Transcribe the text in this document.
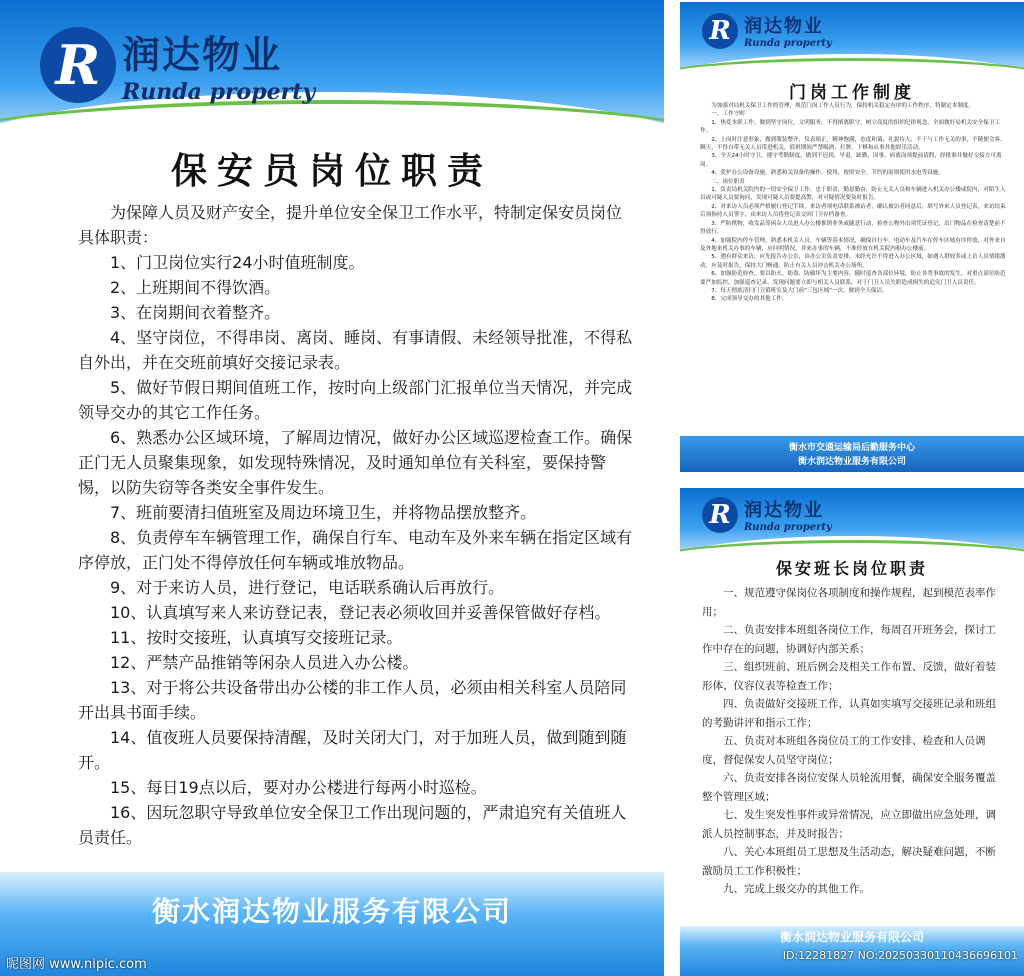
R 润达物业
Runda property
保安员岗位职责

为保障人员及财产安全，提升单位安全保卫工作水平，特制定保安员岗位具体职责：

1、门卫岗位实行24小时值班制度。

2、上班期间不得饮酒。

3、在岗期间衣着整齐。

4、坚守岗位，不得串岗、离岗、睡岗、有事请假、未经领导批准，不得私自外出，并在交班前填好交接记录表。

5、做好节假日期间值班工作，按时向上级部门汇报单位当天情况，并完成领导交办的其它工作任务。

6、熟悉办公区域环境，了解周边情况，做好办公区域巡逻检查工作。确保正门无人员聚集现象，如发现特殊情况，及时通知单位有关科室，要保持警惕，以防失窃等各类安全事件发生。

7、班前要清扫值班室及周边环境卫生，并将物品摆放整齐。

8、负责停车车辆管理工作，确保自行车、电动车及外来车辆在指定区域有序停放，正门处不得停放任何车辆或堆放物品。

9、对于来访人员，进行登记，电话联系确认后再放行。

10、认真填写来人来访登记表，登记表必须收回并妥善保管做好存档。

11、按时交接班，认真填写交接班记录。

12、严禁产品推销等闲杂人员进入办公楼。

13、对于将公共设备带出办公楼的非工作人员，必须由相关科室人员陪同开出具书面手续。

14、值夜班人员要保持清醒，及时关闭大门，对于加班人员，做到随到随开。

15、每日19点以后，要对办公楼进行每两小时巡检。

16、因玩忽职守导致单位安全保卫工作出现问题的，严肃追究有关值班人员责任。

衡水润达物业服务有限公司
昵图网 www.nipic.com
R 润达物业
Runda property
门岗工作制度

为加强对局机关保卫工作的管理，规范门岗工作人员行为，保持机关稳定有序的工作秩序，特制定本制度。

一、工作守则

1、热爱本职工作，做到坚守岗位，文明服务，不得擅离职守，树立高度的组织纪律观念，全面做好局机关安全保卫工作。

2、上岗时注意形象，做到服装整齐，仪表端正，精神饱满，态度和蔼，礼貌待人，不干与工作无关的事，不随便会客、聊天，不得自带无关人员带进机关，值班期间严禁喝酒、打牌、下棋和从事其他娱乐活动。

3、全天24小时守卫，遵守考勤制度，做到不迟到、早退、缺勤，因事、病离岗须提前请假，经批准并做好交接方可离岗。

4、爱护办公设备设施，熟悉和关设备的操作、使用，按照安全、节约的原则使用水电等设施。

二、岗位职责

1、负责局机关院内的一切安全保卫工作，忠于职责，勤恳勤奋，防止无关人员和车辆进入机关办公楼或院内，对陌生人员或可疑人员要询问，发现可疑人员要提高警，对可疑情况要及时报告。

2、对来访人员必须严格履行登记手续，来访者须电话联系被访者，确认被访者同意后，填写外来人员登记表，来访结束后须指持人员签字，由来访人员将登记表交回门卫存档备查。

3、严防携物，收发品等闲杂人员进入办公楼推销业务或随意行动，检查公物外出须凭证登记，出门物品在检查清楚前不得放行。

4、加强院内停车管理，熟悉本机关人员、车辆等基本情况，确保自行车、电动车及汽车在停车区域有序停放，对外来自及外地来机关办事的车辆，应问明情况，非来办事的车辆，不准停放在机关院内和办公楼前。

5、遇有群众来访，应先报告办公室，由办公室负责安排，未经允许不得进入办公区域，如遇人群较多或上访人员情绪激动，应及时报告，保持大门畅通，防止有关人员冲击机关办公场所。

6、加强防范检查，要以防火、防盗、防破坏为主要内容，随时巡查各部位环境，防止各类事故的发生，对重点部位防范要严加监控，加强巡查记录。发现问题要立即与相关人员联系，对于门卫人员失职造成损失的追究门卫人员责任。

7、每天彻底清扫门卫值班室及大门前"三包区域"一次，做到全天保洁。

8、完成领导交办的其他工作。

衡水市交通运输局后勤服务中心
衡水润达物业服务有限公司
R 润达物业
Runda property
保安班长岗位职责

一、规范遵守保岗位各项制度和操作规程，起到模范表率作用；

二、负责安排本班组各岗位工作，每周召开班务会，探讨工作中存在的问题，协调好内部关系；

三、组织班前、班后例会及相关工作布置、反馈，做好着装形体、仪容仪表等检查工作；

四、负责做好交接班工作，认真如实填写交接班记录和班组的考勤讲评和指示工作；

五、负责对本班组各岗位员工的工作安排、检查和人员调度，督促保安人员坚守岗位；

六、负责安排各岗位安保人员轮流用餐，确保安全服务覆盖整个管理区域；

七、发生突发性事件或异常情况，应立即做出应急处理，调派人员控制事态，并及时报告；

八、关心本班组员工思想及生活动态，解决疑难问题，不断激励员工工作积极性；

九、完成上级交办的其他工作。

衡水润达物业服务有限公司
ID:12281827 NO:20250330110436696101
